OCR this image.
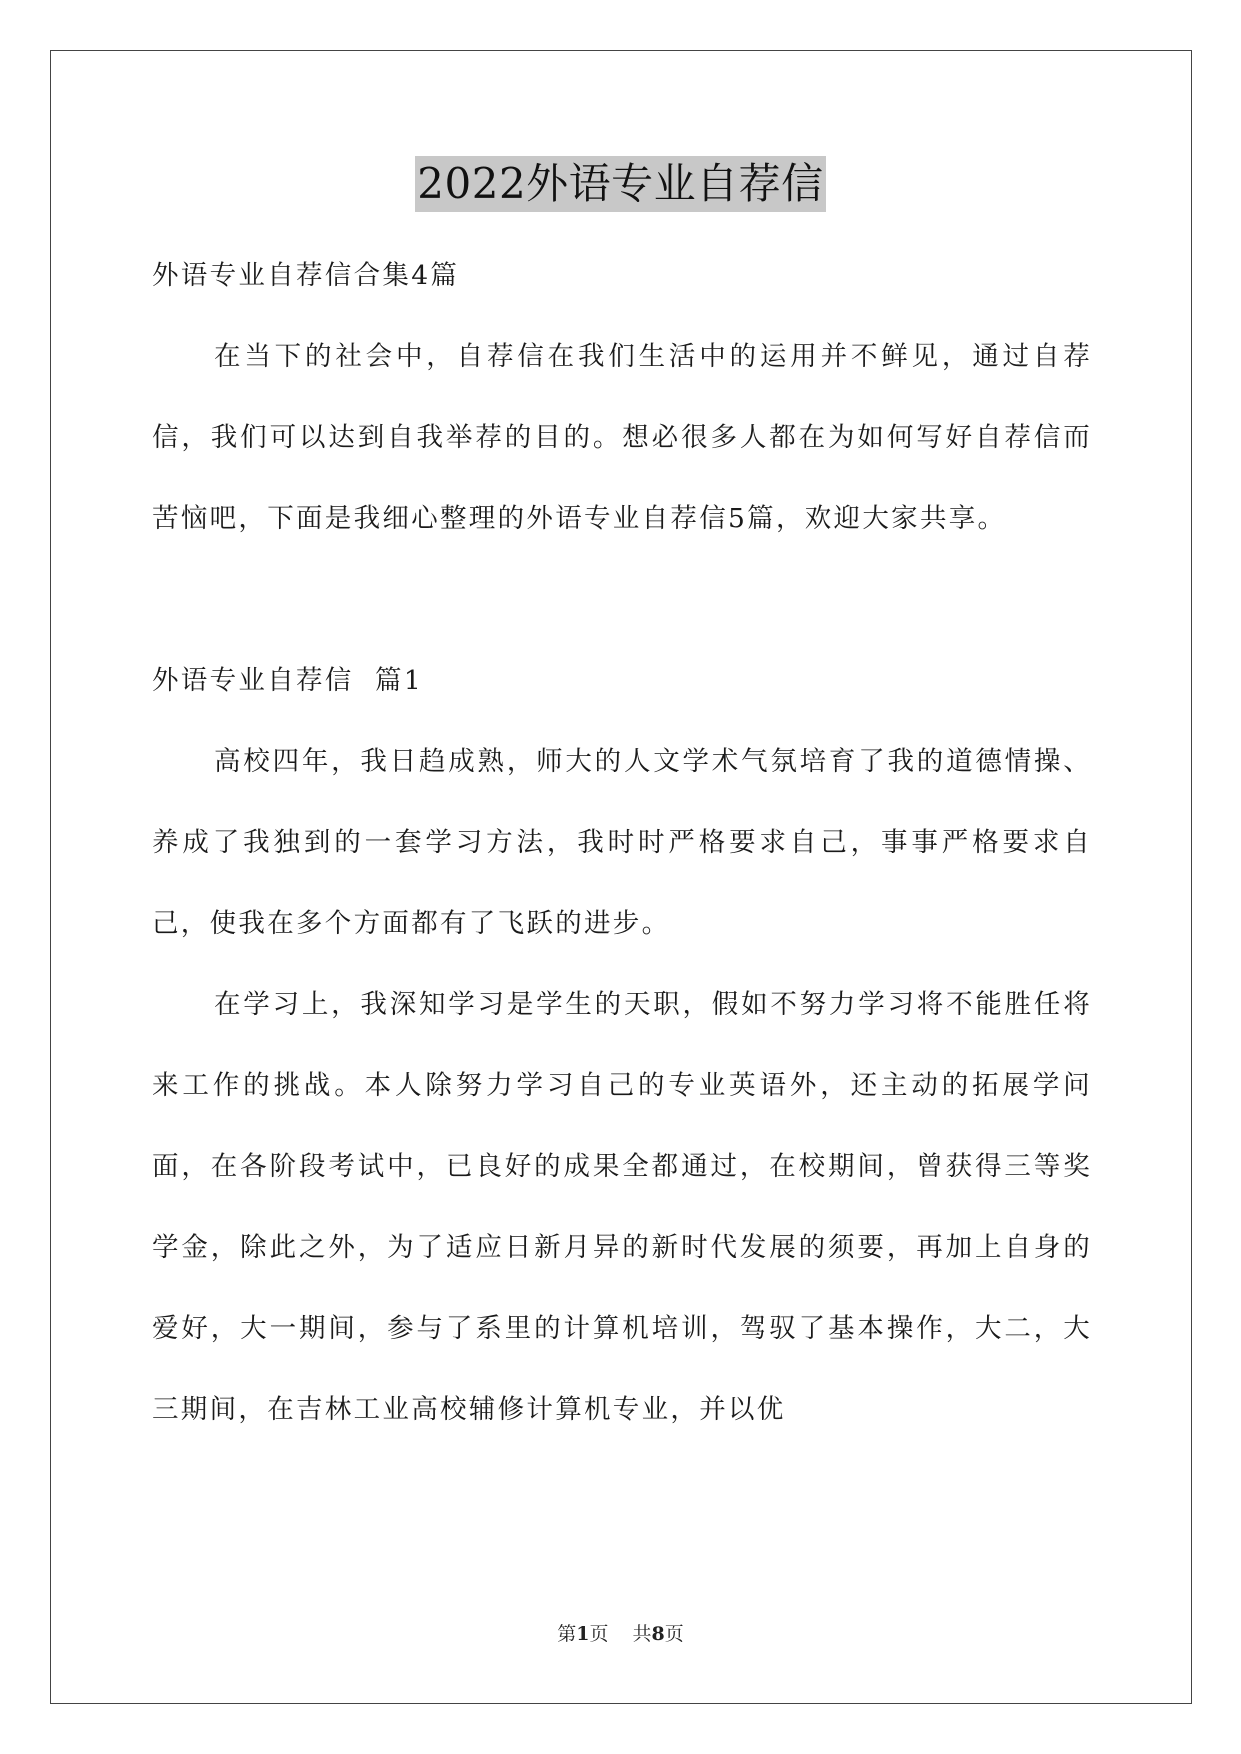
2022外语专业自荐信

外语专业自荐信合集4篇

在当下的社会中，自荐信在我们生活中的运用并不鲜见，通过自荐信，我们可以达到自我举荐的目的。想必很多人都在为如何写好自荐信而苦恼吧，下面是我细心整理的外语专业自荐信5篇，欢迎大家共享。

外语专业自荐信  篇1

高校四年，我日趋成熟，师大的人文学术气氛培育了我的道德情操、养成了我独到的一套学习方法，我时时严格要求自己，事事严格要求自己，使我在多个方面都有了飞跃的进步。

在学习上，我深知学习是学生的天职，假如不努力学习将不能胜任将来工作的挑战。本人除努力学习自己的专业英语外，还主动的拓展学问面，在各阶段考试中，已良好的成果全都通过，在校期间，曾获得三等奖学金，除此之外，为了适应日新月异的新时代发展的须要，再加上自身的爱好，大一期间，参与了系里的计算机培训，驾驭了基本操作，大二，大三期间，在吉林工业高校辅修计算机专业，并以优

第1页 共8页
